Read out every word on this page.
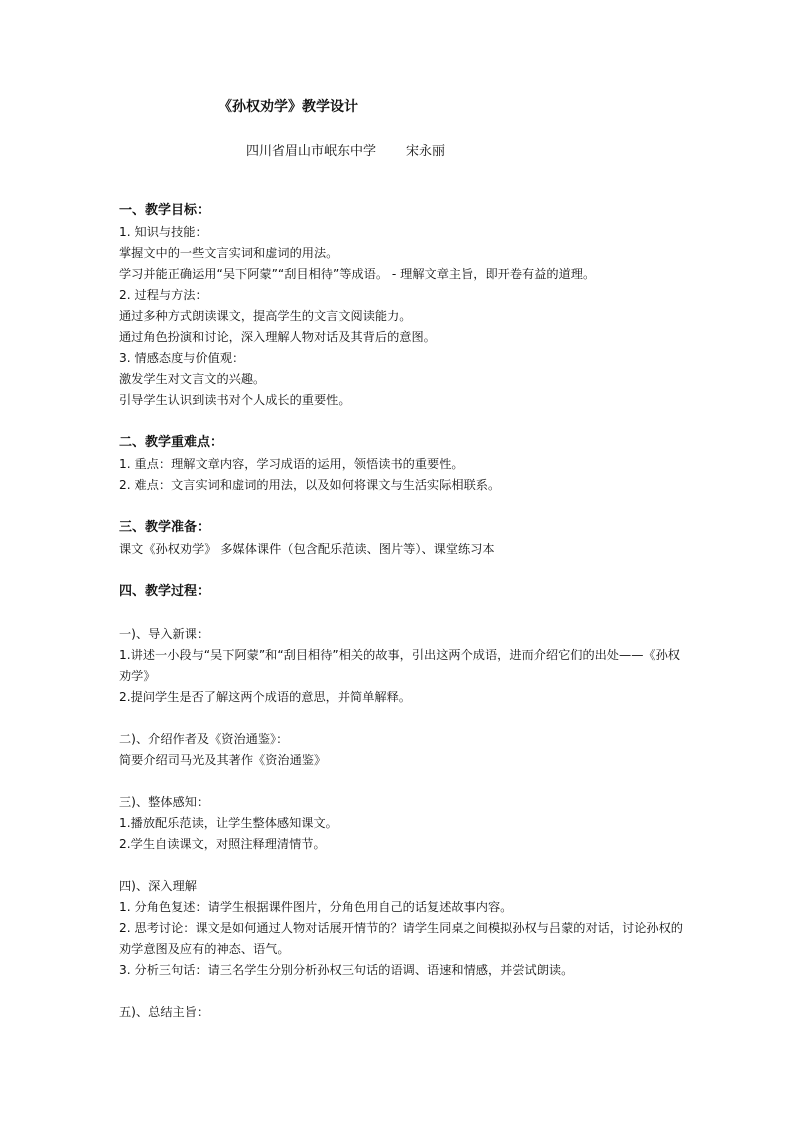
《孙权劝学》教学设计
四川省眉山市岷东中学 宋永丽
一、教学目标：
1. 知识与技能：
掌握文中的一些文言实词和虚词的用法。
学习并能正确运用“吴下阿蒙”“刮目相待”等成语。 - 理解文章主旨，即开卷有益的道理。
2. 过程与方法：
通过多种方式朗读课文，提高学生的文言文阅读能力。
通过角色扮演和讨论，深入理解人物对话及其背后的意图。
3. 情感态度与价值观：
激发学生对文言文的兴趣。
引导学生认识到读书对个人成长的重要性。
二、教学重难点：
1. 重点：理解文章内容，学习成语的运用，领悟读书的重要性。
2. 难点：文言实词和虚词的用法，以及如何将课文与生活实际相联系。
三、教学准备：
课文《孙权劝学》 多媒体课件（包含配乐范读、图片等）、课堂练习本
四、教学过程：
一)、导入新课：
1.讲述一小段与“吴下阿蒙”和“刮目相待”相关的故事，引出这两个成语，进而介绍它们的出处——《孙权劝学》
2.提问学生是否了解这两个成语的意思，并简单解释。
二)、介绍作者及《资治通鉴》：
简要介绍司马光及其著作《资治通鉴》
三)、整体感知：
1.播放配乐范读，让学生整体感知课文。
2.学生自读课文，对照注释理清情节。
四)、深入理解
1. 分角色复述：请学生根据课件图片，分角色用自己的话复述故事内容。
2. 思考讨论：课文是如何通过人物对话展开情节的？请学生同桌之间模拟孙权与吕蒙的对话，讨论孙权的劝学意图及应有的神态、语气。
3. 分析三句话：请三名学生分别分析孙权三句话的语调、语速和情感，并尝试朗读。
五)、总结主旨：
